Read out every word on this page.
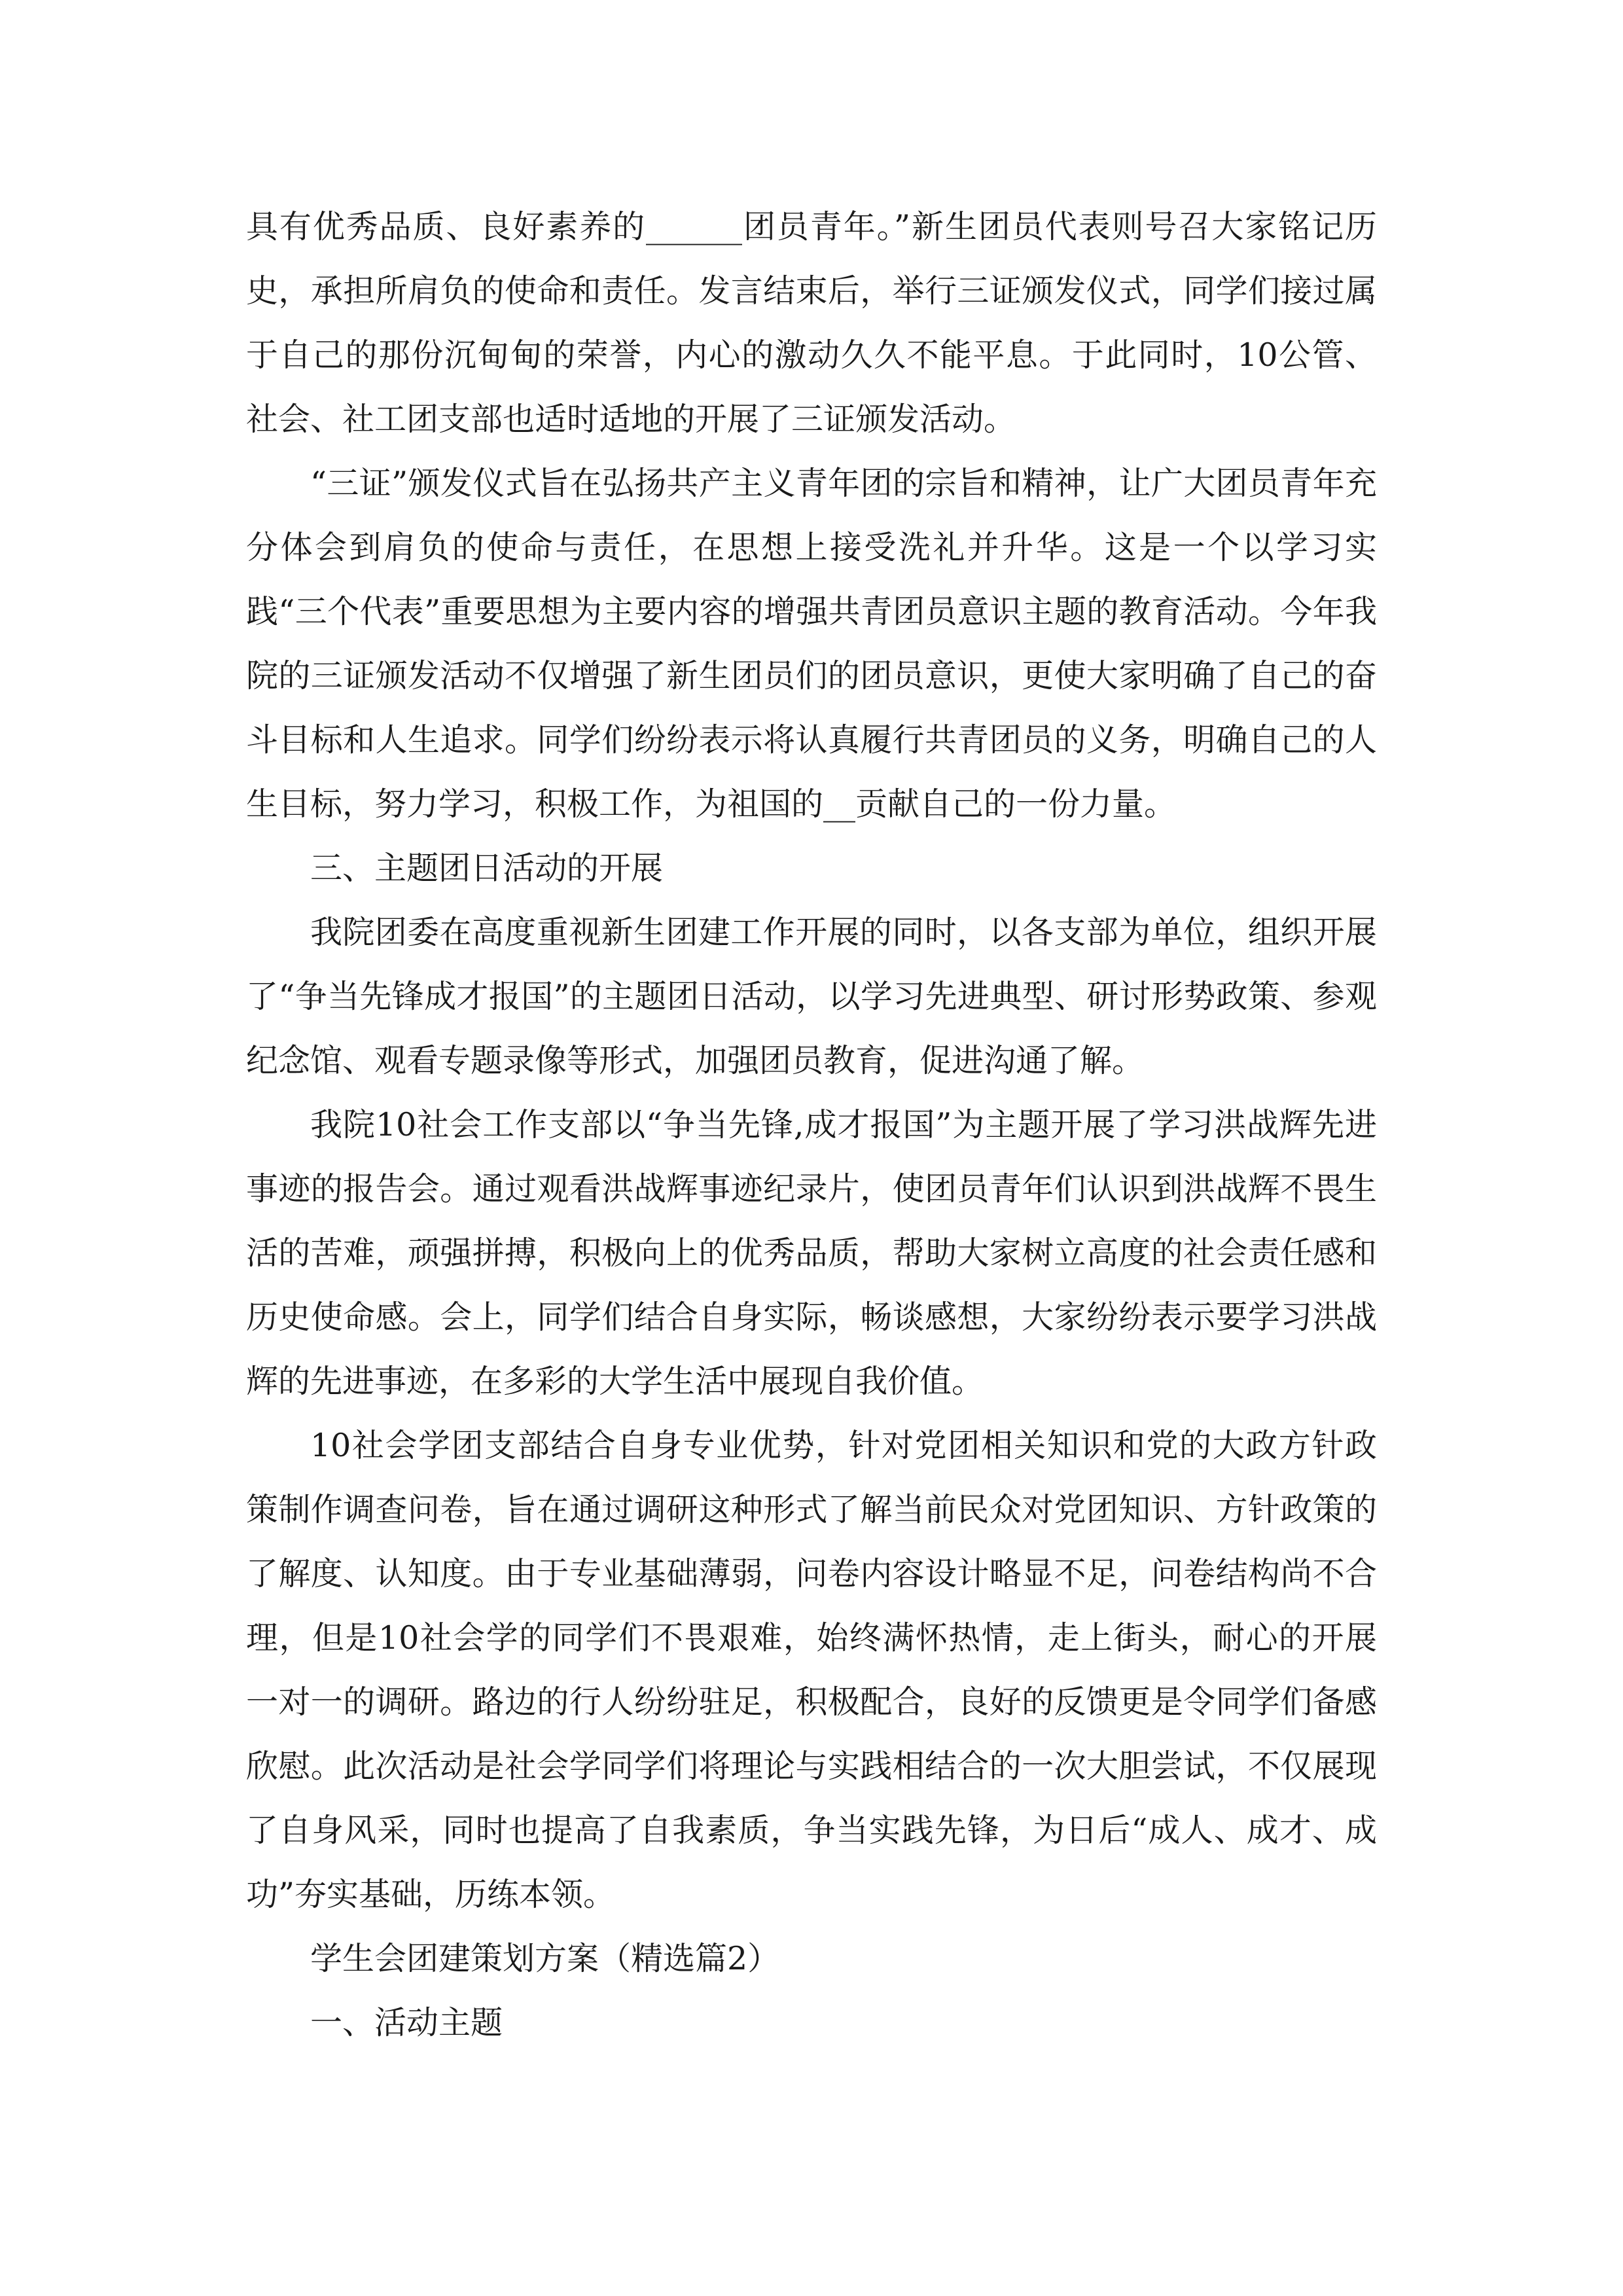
具有优秀品质、良好素养的______团员青年。”新生团员代表则号召大家铭记历史，承担所肩负的使命和责任。发言结束后，举行三证颁发仪式，同学们接过属于自己的那份沉甸甸的荣誉，内心的激动久久不能平息。于此同时，10公管、社会、社工团支部也适时适地的开展了三证颁发活动。

“三证”颁发仪式旨在弘扬共产主义青年团的宗旨和精神，让广大团员青年充分体会到肩负的使命与责任，在思想上接受洗礼并升华。这是一个以学习实践“三个代表”重要思想为主要内容的增强共青团员意识主题的教育活动。今年我院的三证颁发活动不仅增强了新生团员们的团员意识，更使大家明确了自己的奋斗目标和人生追求。同学们纷纷表示将认真履行共青团员的义务，明确自己的人生目标，努力学习，积极工作，为祖国的__贡献自己的一份力量。

三、主题团日活动的开展

我院团委在高度重视新生团建工作开展的同时，以各支部为单位，组织开展了“争当先锋成才报国”的主题团日活动，以学习先进典型、研讨形势政策、参观纪念馆、观看专题录像等形式，加强团员教育，促进沟通了解。

我院10社会工作支部以“争当先锋,成才报国”为主题开展了学习洪战辉先进事迹的报告会。通过观看洪战辉事迹纪录片，使团员青年们认识到洪战辉不畏生活的苦难，顽强拼搏，积极向上的优秀品质，帮助大家树立高度的社会责任感和历史使命感。会上，同学们结合自身实际，畅谈感想，大家纷纷表示要学习洪战辉的先进事迹，在多彩的大学生活中展现自我价值。

10社会学团支部结合自身专业优势，针对党团相关知识和党的大政方针政策制作调查问卷，旨在通过调研这种形式了解当前民众对党团知识、方针政策的了解度、认知度。由于专业基础薄弱，问卷内容设计略显不足，问卷结构尚不合理，但是10社会学的同学们不畏艰难，始终满怀热情，走上街头，耐心的开展一对一的调研。路边的行人纷纷驻足，积极配合，良好的反馈更是令同学们备感欣慰。此次活动是社会学同学们将理论与实践相结合的一次大胆尝试，不仅展现了自身风采，同时也提高了自我素质，争当实践先锋，为日后“成人、成才、成功”夯实基础，历练本领。

学生会团建策划方案（精选篇2）

一、活动主题
